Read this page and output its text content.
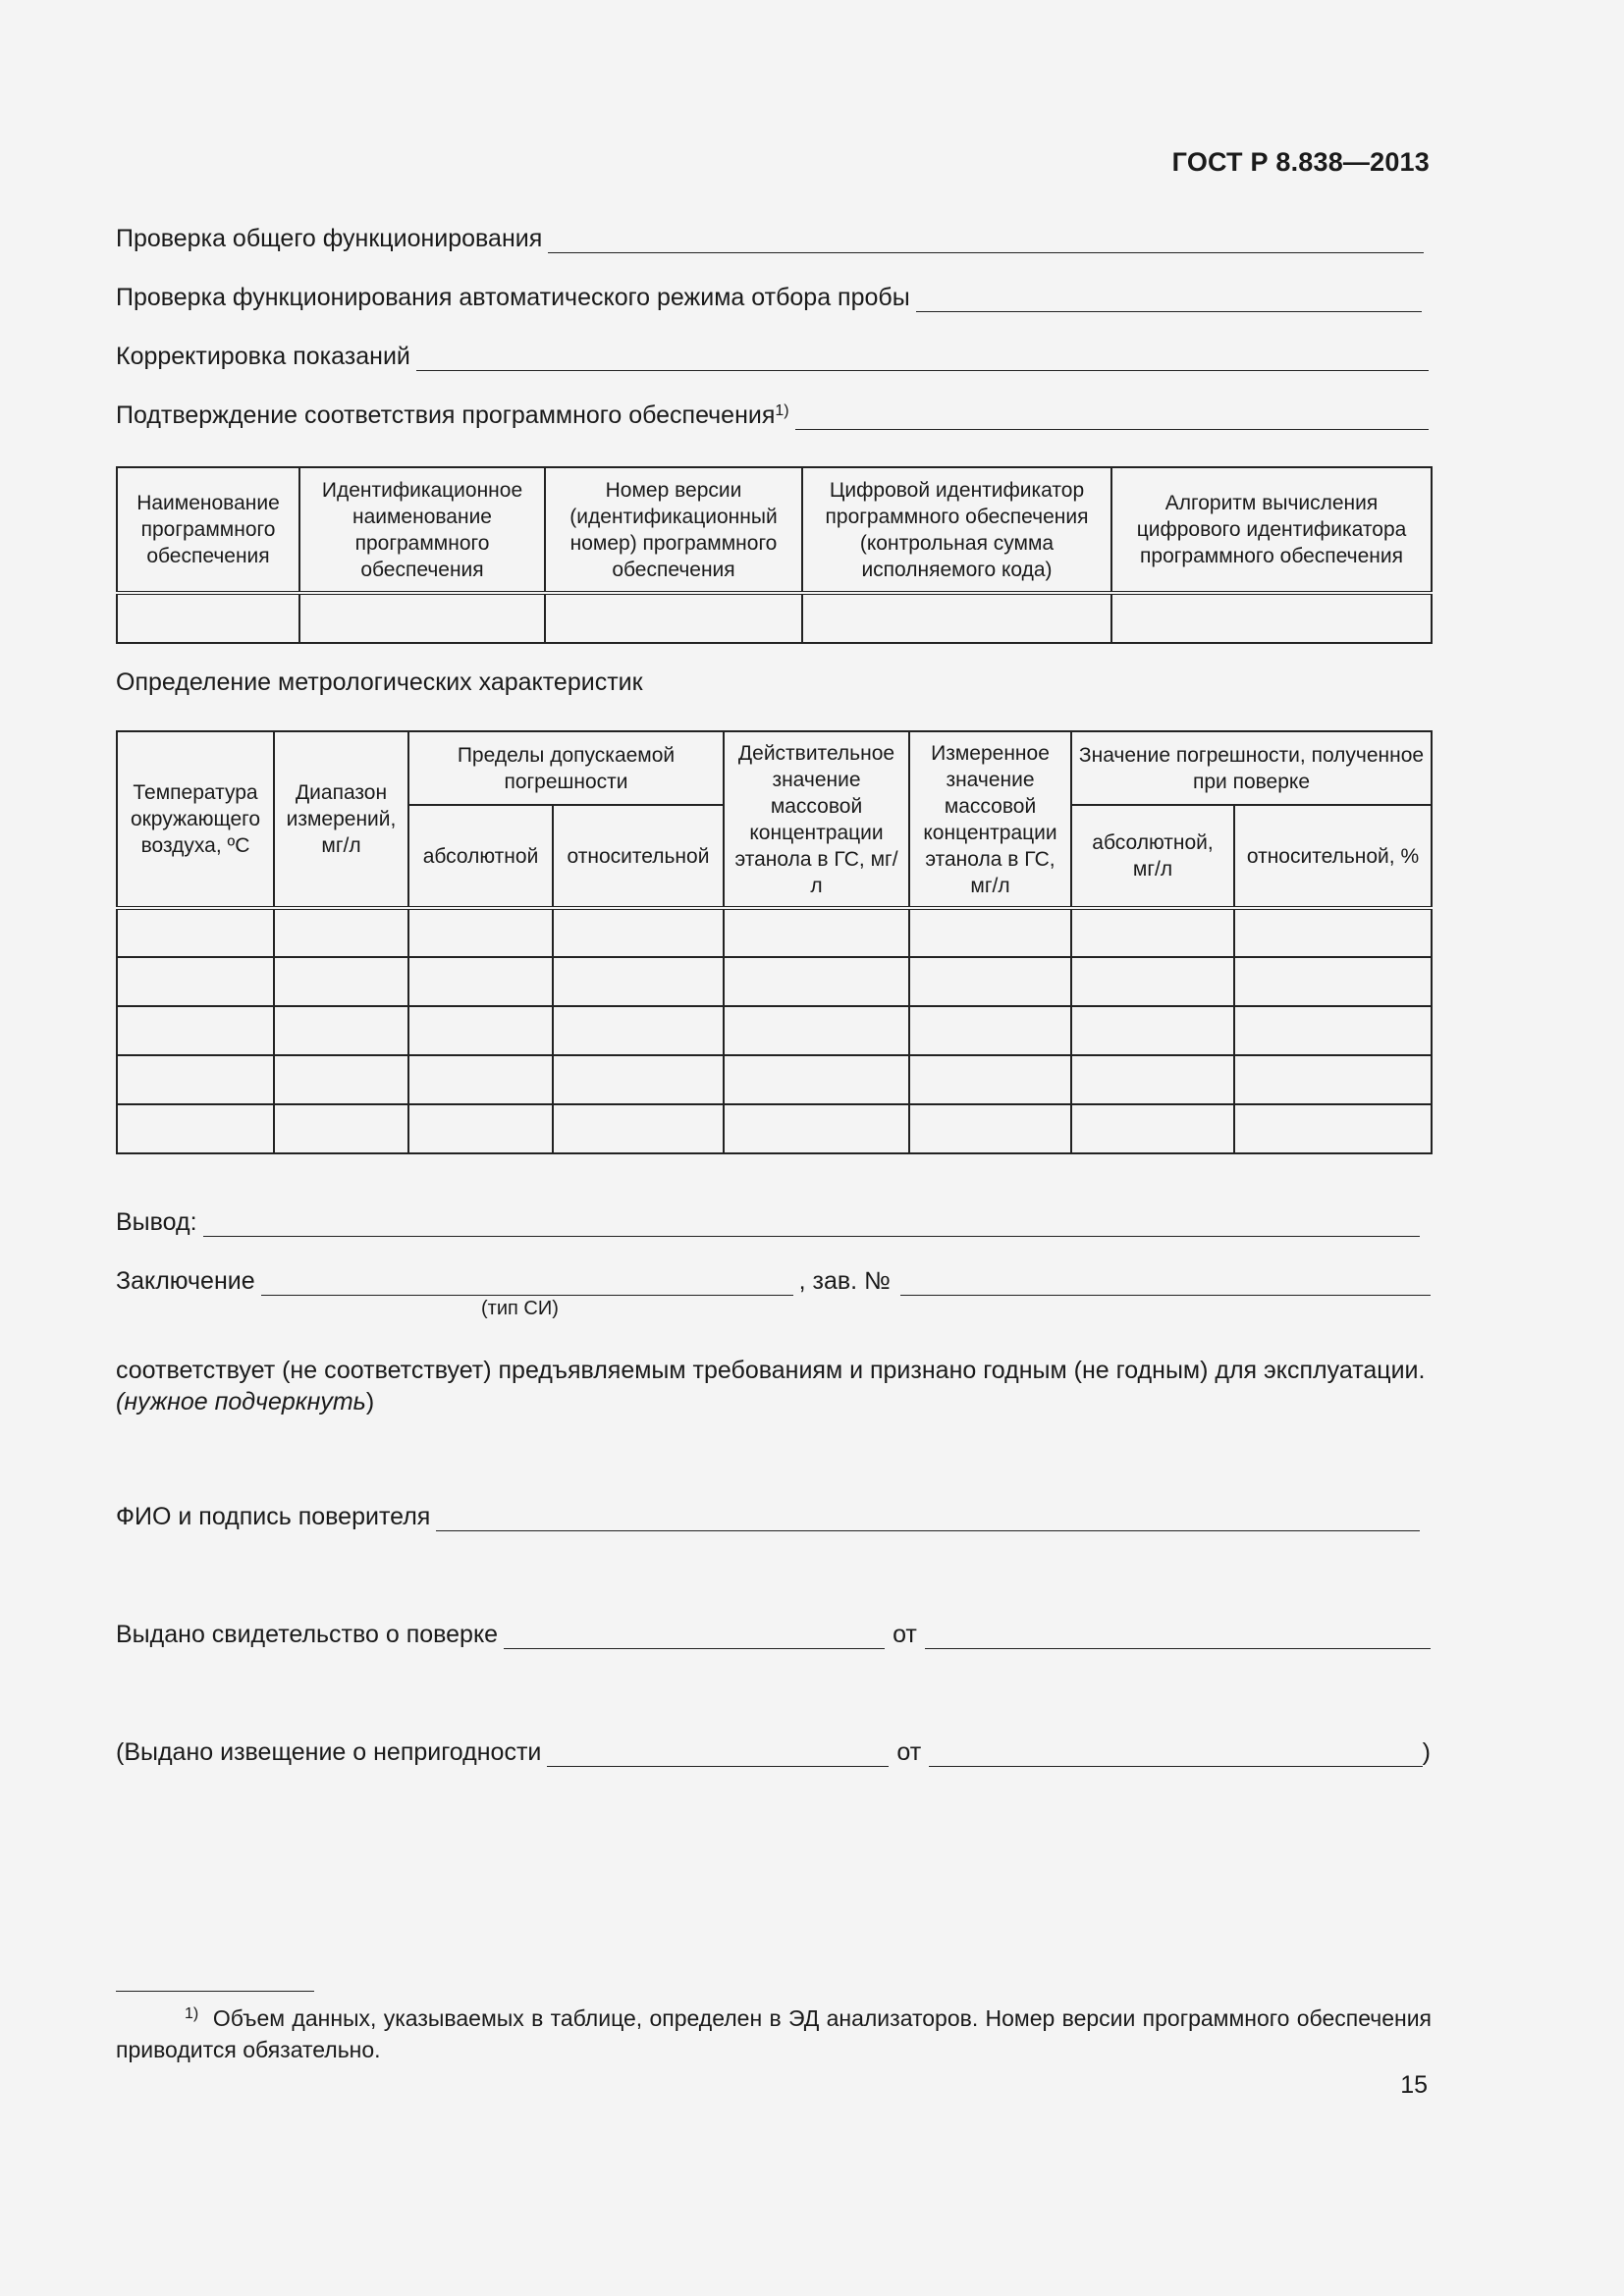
ГОСТ Р 8.838—2013
Проверка общего функционирования
Проверка функционирования автоматического режима отбора пробы
Корректировка показаний
Подтверждение соответствия программного обеспечения$^{1)}$
Наименование программного обеспечения	Идентификационное наименование программного обеспечения	Номер версии (идентификационный номер) программного обеспечения	Цифровой идентификатор программного обеспечения (контрольная сумма исполняемого кода)	Алгоритм вычисления цифрового идентификатора программного обеспечения

Определение метрологических характеристик
Температура окружающего воздуха, ºС	Диапазон измерений, мг/л	Пределы допускаемой погрешности		Действительное значение массовой концентрации этанола в ГС, мг/л	Измеренное значение массовой концентрации этанола в ГС, мг/л	Значение погрешности, полученное при поверке	
		абсолютной	относительной			абсолютной, мг/л	относительной, %

Вывод:
Заключение	, зав. №
(тип СИ)
соответствует (не соответствует) предъявляемым требованиям и признано годным (не годным) для эксплуатации.
(нужное подчеркнуть)
ФИО и подпись поверителя
Выдано свидетельство о поверке	от
(Выдано извещение о непригодности	от	)
$^{1)}$ Объем данных, указываемых в таблице, определен в ЭД анализаторов. Номер версии программного обеспечения приводится обязательно.
15
